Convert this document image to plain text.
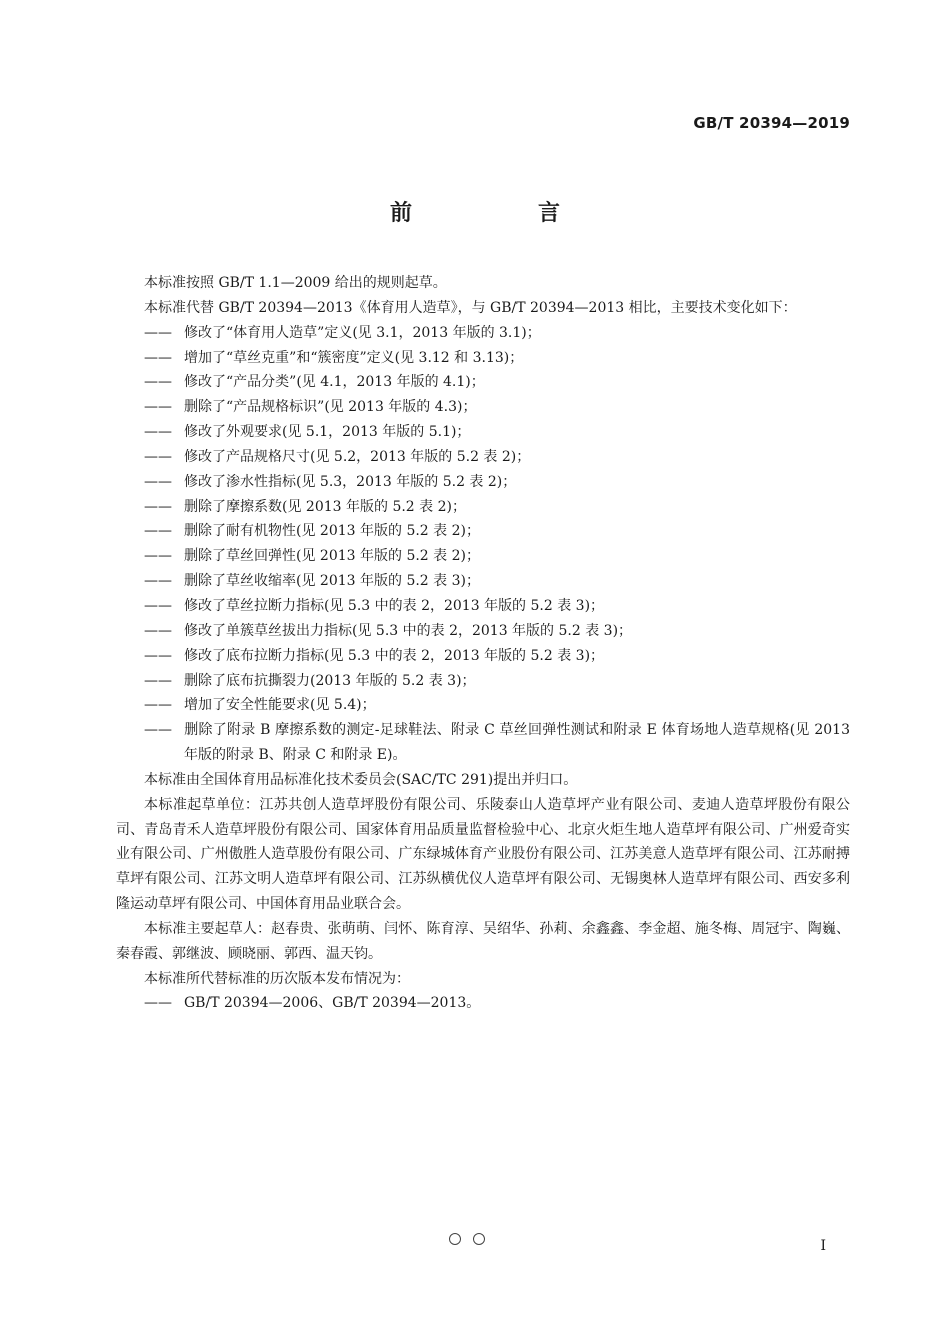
GB/T 20394—2019
前　言

本标准按照 GB/T 1.1—2009 给出的规则起草。

本标准代替 GB/T 20394—2013《体育用人造草》，与 GB/T 20394—2013 相比，主要技术变化如下：

—— 修改了“体育用人造草”定义(见 3.1，2013 年版的 3.1)；

—— 增加了“草丝克重”和“簇密度”定义(见 3.12 和 3.13)；

—— 修改了“产品分类”(见 4.1，2013 年版的 4.1)；

—— 删除了“产品规格标识”(见 2013 年版的 4.3)；

—— 修改了外观要求(见 5.1，2013 年版的 5.1)；

—— 修改了产品规格尺寸(见 5.2，2013 年版的 5.2 表 2)；

—— 修改了渗水性指标(见 5.3，2013 年版的 5.2 表 2)；

—— 删除了摩擦系数(见 2013 年版的 5.2 表 2)；

—— 删除了耐有机物性(见 2013 年版的 5.2 表 2)；

—— 删除了草丝回弹性(见 2013 年版的 5.2 表 2)；

—— 删除了草丝收缩率(见 2013 年版的 5.2 表 3)；

—— 修改了草丝拉断力指标(见 5.3 中的表 2，2013 年版的 5.2 表 3)；

—— 修改了单簇草丝拔出力指标(见 5.3 中的表 2，2013 年版的 5.2 表 3)；

—— 修改了底布拉断力指标(见 5.3 中的表 2，2013 年版的 5.2 表 3)；

—— 删除了底布抗撕裂力(2013 年版的 5.2 表 3)；

—— 增加了安全性能要求(见 5.4)；

—— 删除了附录 B 摩擦系数的测定-足球鞋法、附录 C 草丝回弹性测试和附录 E 体育场地人造草规格(见 2013 年版的附录 B、附录 C 和附录 E)。

本标准由全国体育用品标准化技术委员会(SAC/TC 291)提出并归口。

本标准起草单位：江苏共创人造草坪股份有限公司、乐陵泰山人造草坪产业有限公司、麦迪人造草坪股份有限公司、青岛青禾人造草坪股份有限公司、国家体育用品质量监督检验中心、北京火炬生地人造草坪有限公司、广州爱奇实业有限公司、广州傲胜人造草股份有限公司、广东绿城体育产业股份有限公司、江苏美意人造草坪有限公司、江苏耐搏草坪有限公司、江苏文明人造草坪有限公司、江苏纵横优仪人造草坪有限公司、无锡奥林人造草坪有限公司、西安多利隆运动草坪有限公司、中国体育用品业联合会。

本标准主要起草人：赵春贵、张萌萌、闫怀、陈育淳、吴绍华、孙莉、余鑫鑫、李金超、施冬梅、周冠宇、陶巍、秦春霞、郭继波、顾晓丽、郭西、温天钧。

本标准所代替标准的历次版本发布情况为：

—— GB/T 20394—2006、GB/T 20394—2013。

I
